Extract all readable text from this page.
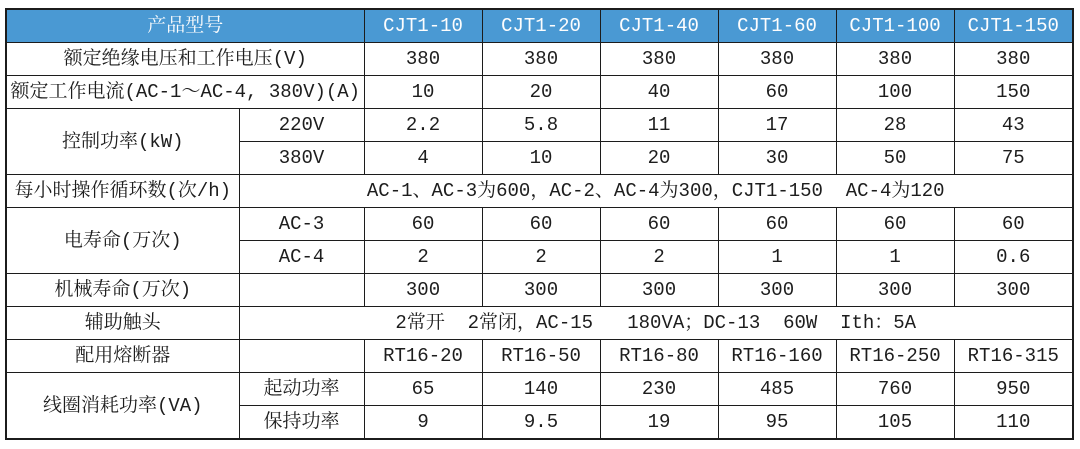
产品型号		CJT1-10	CJT1-20	CJT1-40	CJT1-60	CJT1-100	CJT1-150
额定绝缘电压和工作电压(V)		380	380	380	380	380	380
额定工作电流(AC-1～AC-4, 380V)(A)		10	20	40	60	100	150
控制功率(kW)	220V	2.2	5.8	11	17	28	43
	380V	4	10	20	30	50	75
每小时操作循环数(次/h)	AC-1、AC-3为600，AC-2、AC-4为300，CJT1-150  AC-4为120						
电寿命(万次)	AC-3	60	60	60	60	60	60
	AC-4	2	2	2	1	1	0.6
机械寿命(万次)		300	300	300	300	300	300
辅助触头	2常开  2常闭，AC-15   180VA；DC-13  60W  Ith：5A						
配用熔断器		RT16-20	RT16-50	RT16-80	RT16-160	RT16-250	RT16-315
线圈消耗功率(VA)	起动功率	65	140	230	485	760	950
	保持功率	9	9.5	19	95	105	110
